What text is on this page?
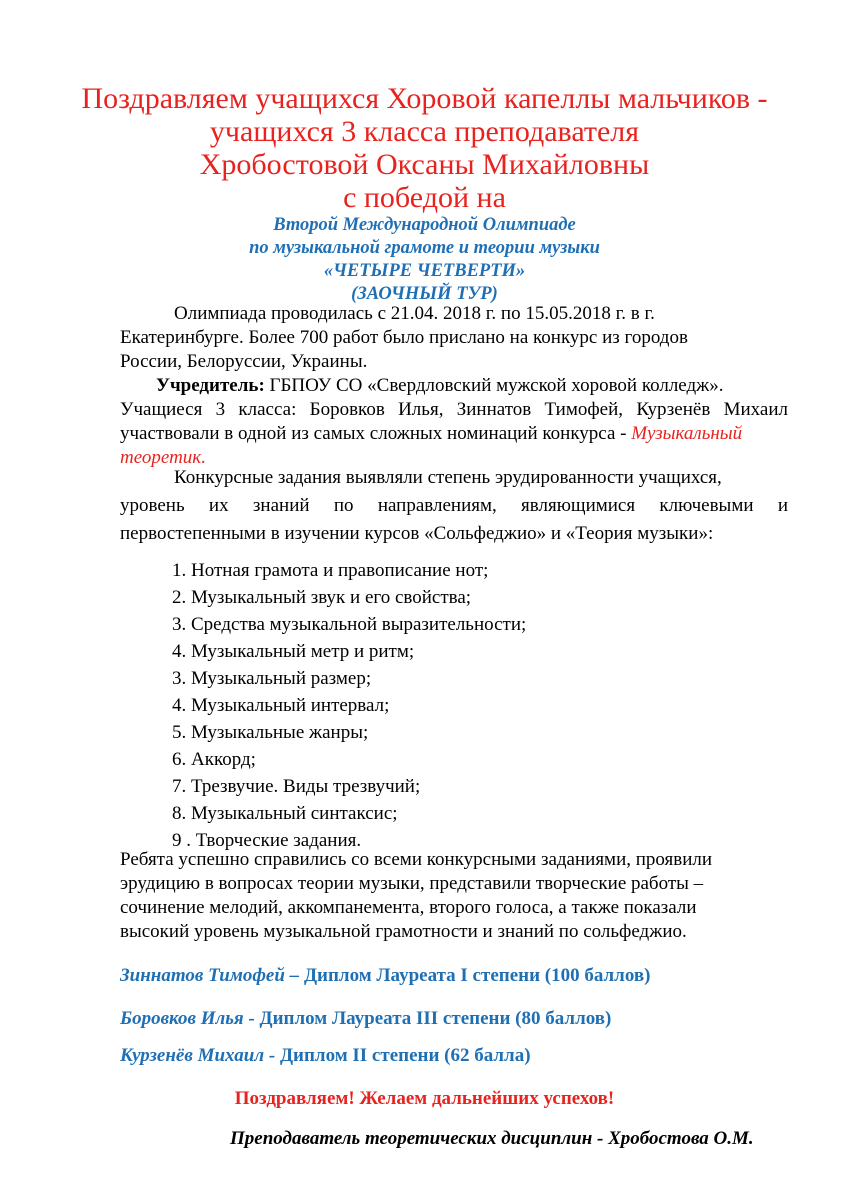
Поздравляем учащихся Хоровой капеллы мальчиков -
учащихся 3 класса преподавателя
Хробостовой Оксаны Михайловны
с победой на
Второй Международной Олимпиаде
по музыкальной грамоте и теории музыки
«ЧЕТЫРЕ ЧЕТВЕРТИ»
(ЗАОЧНЫЙ ТУР)
Олимпиада проводилась с 21.04. 2018 г. по 15.05.2018 г. в г.
Екатеринбурге. Более 700 работ было прислано на конкурс из городов
России, Белоруссии, Украины.
Учредитель: ГБПОУ СО «Свердловский мужской хоровой колледж».
Учащиеся 3 класса: Боровков Илья, Зиннатов Тимофей, Курзенёв Михаил
участвовали в одной из самых сложных номинаций конкурса - Музыкальный
теоретик.
Конкурсные задания выявляли степень эрудированности учащихся,
уровень их знаний по направлениям, являющимися ключевыми и
первостепенными в изучении курсов «Сольфеджио» и «Теория музыки»:
1. Нотная грамота и правописание нот;
2. Музыкальный звук и его свойства;
3. Средства музыкальной выразительности;
4. Музыкальный метр и ритм;
3. Музыкальный размер;
4. Музыкальный интервал;
5. Музыкальные жанры;
6. Аккорд;
7. Трезвучие. Виды трезвучий;
8. Музыкальный синтаксис;
9 . Творческие задания.
Ребята успешно справились со всеми конкурсными заданиями, проявили
эрудицию в вопросах теории музыки, представили творческие работы –
сочинение мелодий, аккомпанемента, второго голоса, а также показали
высокий уровень музыкальной грамотности и знаний по сольфеджио.
Зиннатов Тимофей – Диплом Лауреата I степени (100 баллов)
Боровков Илья - Диплом Лауреата III степени (80 баллов)
Курзенёв Михаил - Диплом II степени (62 балла)
Поздравляем! Желаем дальнейших успехов!
Преподаватель теоретических дисциплин - Хробостова О.М.
